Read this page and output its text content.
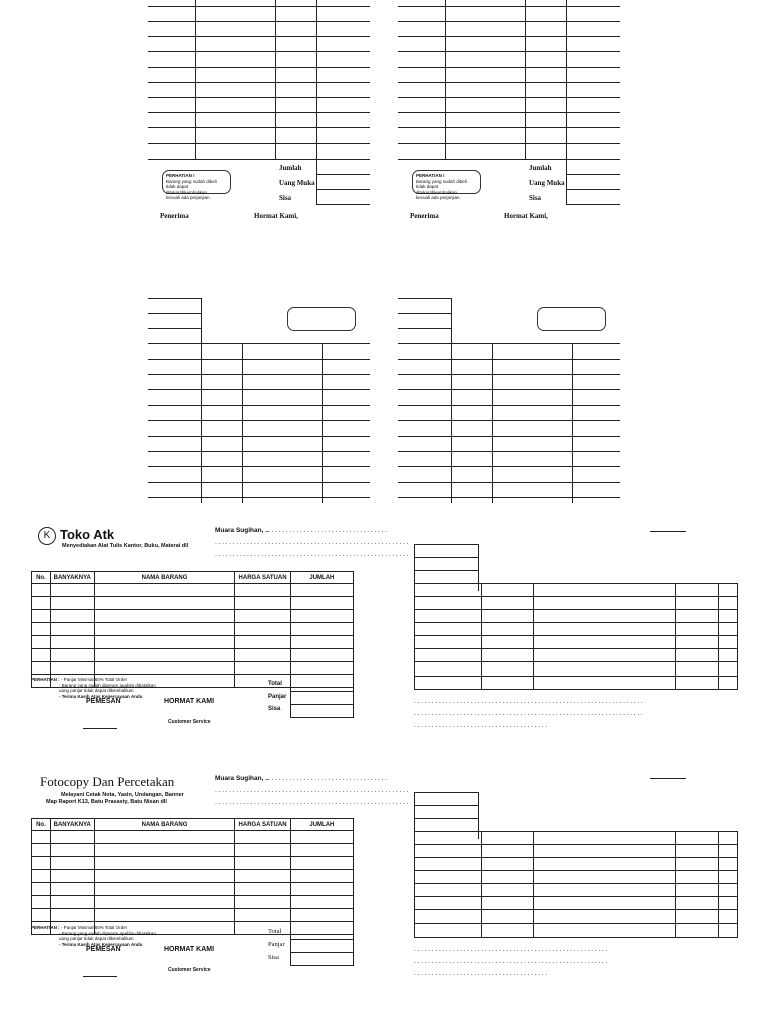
PERHATIAN !
Barang yang sudah dibeli
tidak dapat ditukar/dikembalikan
kecuali ada perjanjian.
Jumlah
Uang Muka
Sisa
Penerima	Hormat Kami,
PERHATIAN !
Barang yang sudah dibeli
tidak dapat ditukar/dikembalikan
kecuali ada perjanjian.
Jumlah
Uang Muka
Sisa
Penerima	Hormat Kami,
K Toko Atk
Menyediakan Alat Tulis Kantor, Buku, Materai dll
Muara Sugihan, .. ..................................
.......................................................
.......................................................
No.	BANYAKNYA	NAMA BARANG	HARGA SATUAN	JUMLAH

PERHATIAN : - Panjar Minimal 60% Total Order
- Barang yang sudah diperam apabila dibatalkan
uang panjar tidak dapat dikembalikan
- Terima Kasih Atas Kepercayaan Anda
Total
Panjar
Sisa
PEMESAN	HORMAT KAMI
Customer Service
.................................................................
.................................................................
......................................
Fotocopy Dan Percetakan
Melayani Cetak Nota, Yasin, Undangan, Banner
Map Raport K13, Batu Prasasty, Batu Nisan dll
Muara Sugihan, .. ..................................
.......................................................
.......................................................
No.	BANYAKNYA	NAMA BARANG	HARGA SATUAN	JUMLAH

PERHATIAN : - Panjar Minimal 60% Total Order
- Barang yang sudah diperam apabila dibatalkan
uang panjar tidak dapat dikembalikan
- Terima Kasih Atas Kepercayaan Anda
Total
Panjar
Sisa
PEMESAN	HORMAT KAMI
Customer Service
.......................................................
.......................................................
......................................
